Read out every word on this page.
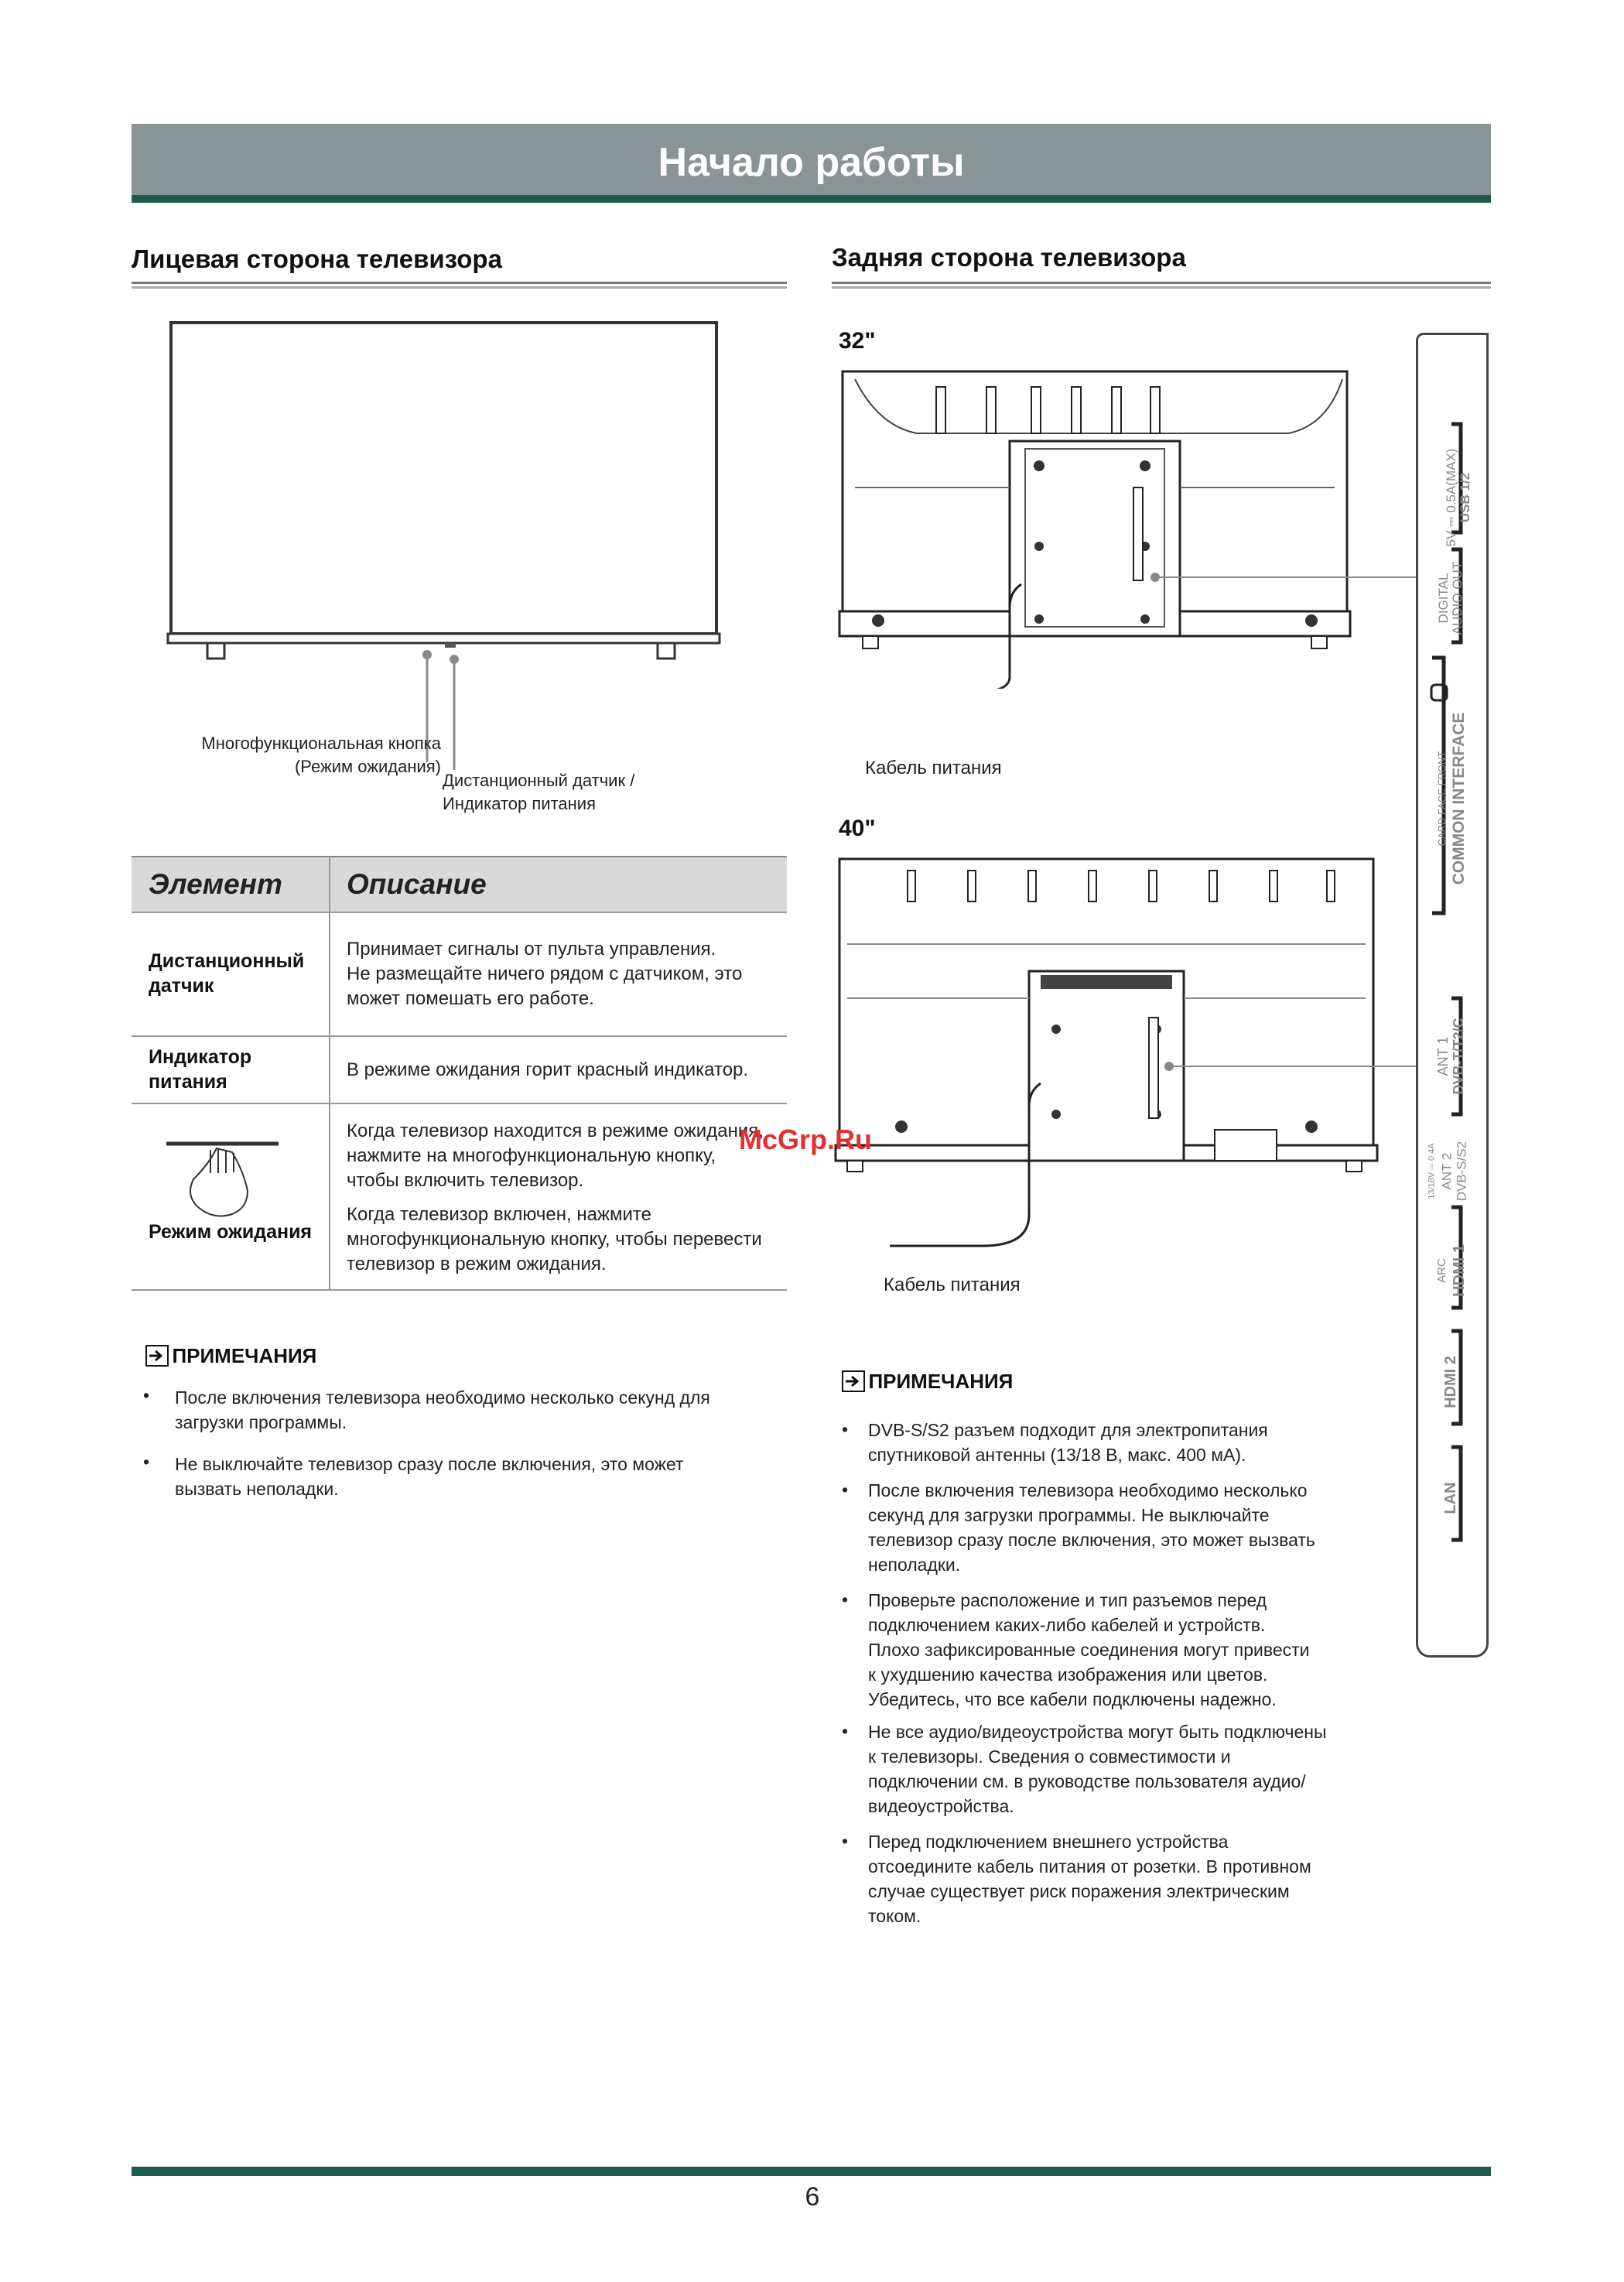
Начало работы
Лицевая сторона телевизора
Многофункциональная кнопка
(Режим ожидания)
Дистанционный датчик /
Индикатор питания
Элемент Описание
Дистанционный
датчик
Принимает сигналы от пульта управления.
Не размещайте ничего рядом с датчиком, это
может помешать его работе.
Индикатор
питания
В режиме ожидания горит красный индикатор.
Режим ожидания
Когда телевизор находится в режиме ожидания,
нажмите на многофункциональную кнопку,
чтобы включить телевизор.
Когда телевизор включен, нажмите
многофункциональную кнопку, чтобы перевести
телевизор в режим ожидания.
ПРИМЕЧАНИЯ
• После включения телевизора необходимо несколько секунд для
загрузки программы.
• Не выключайте телевизор сразу после включения, это может
вызвать неполадки.
Задняя сторона телевизора
32"
Кабель питания
40"
Кабель питания
5V ⎓ 0.5A(MAX) USB 1/2
DIGITAL AUDIO OUT
CARD FACE FRONT COMMON INTERFACE
ANT 1 DVB-T/T2/C
13/18V ⎓ 0.4A ANT 2 DVB-S/S2
ARC HDMI 1
HDMI 2
LAN
ПРИМЕЧАНИЯ
• DVB-S/S2 разъем подходит для электропитания
спутниковой антенны (13/18 В, макс. 400 мА).
• После включения телевизора необходимо несколько
секунд для загрузки программы. Не выключайте
телевизор сразу после включения, это может вызвать
неполадки.
• Проверьте расположение и тип разъемов перед
подключением каких-либо кабелей и устройств.
Плохо зафиксированные соединения могут привести
к ухудшению качества изображения или цветов.
Убедитесь, что все кабели подключены надежно.
• Не все аудио/видеоустройства могут быть подключены
к телевизоры. Сведения о совместимости и
подключении см. в руководстве пользователя аудио/
видеоустройства.
• Перед подключением внешнего устройства
отсоедините кабель питания от розетки. В противном
случае существует риск поражения электрическим
током.
McGrp.Ru
6
